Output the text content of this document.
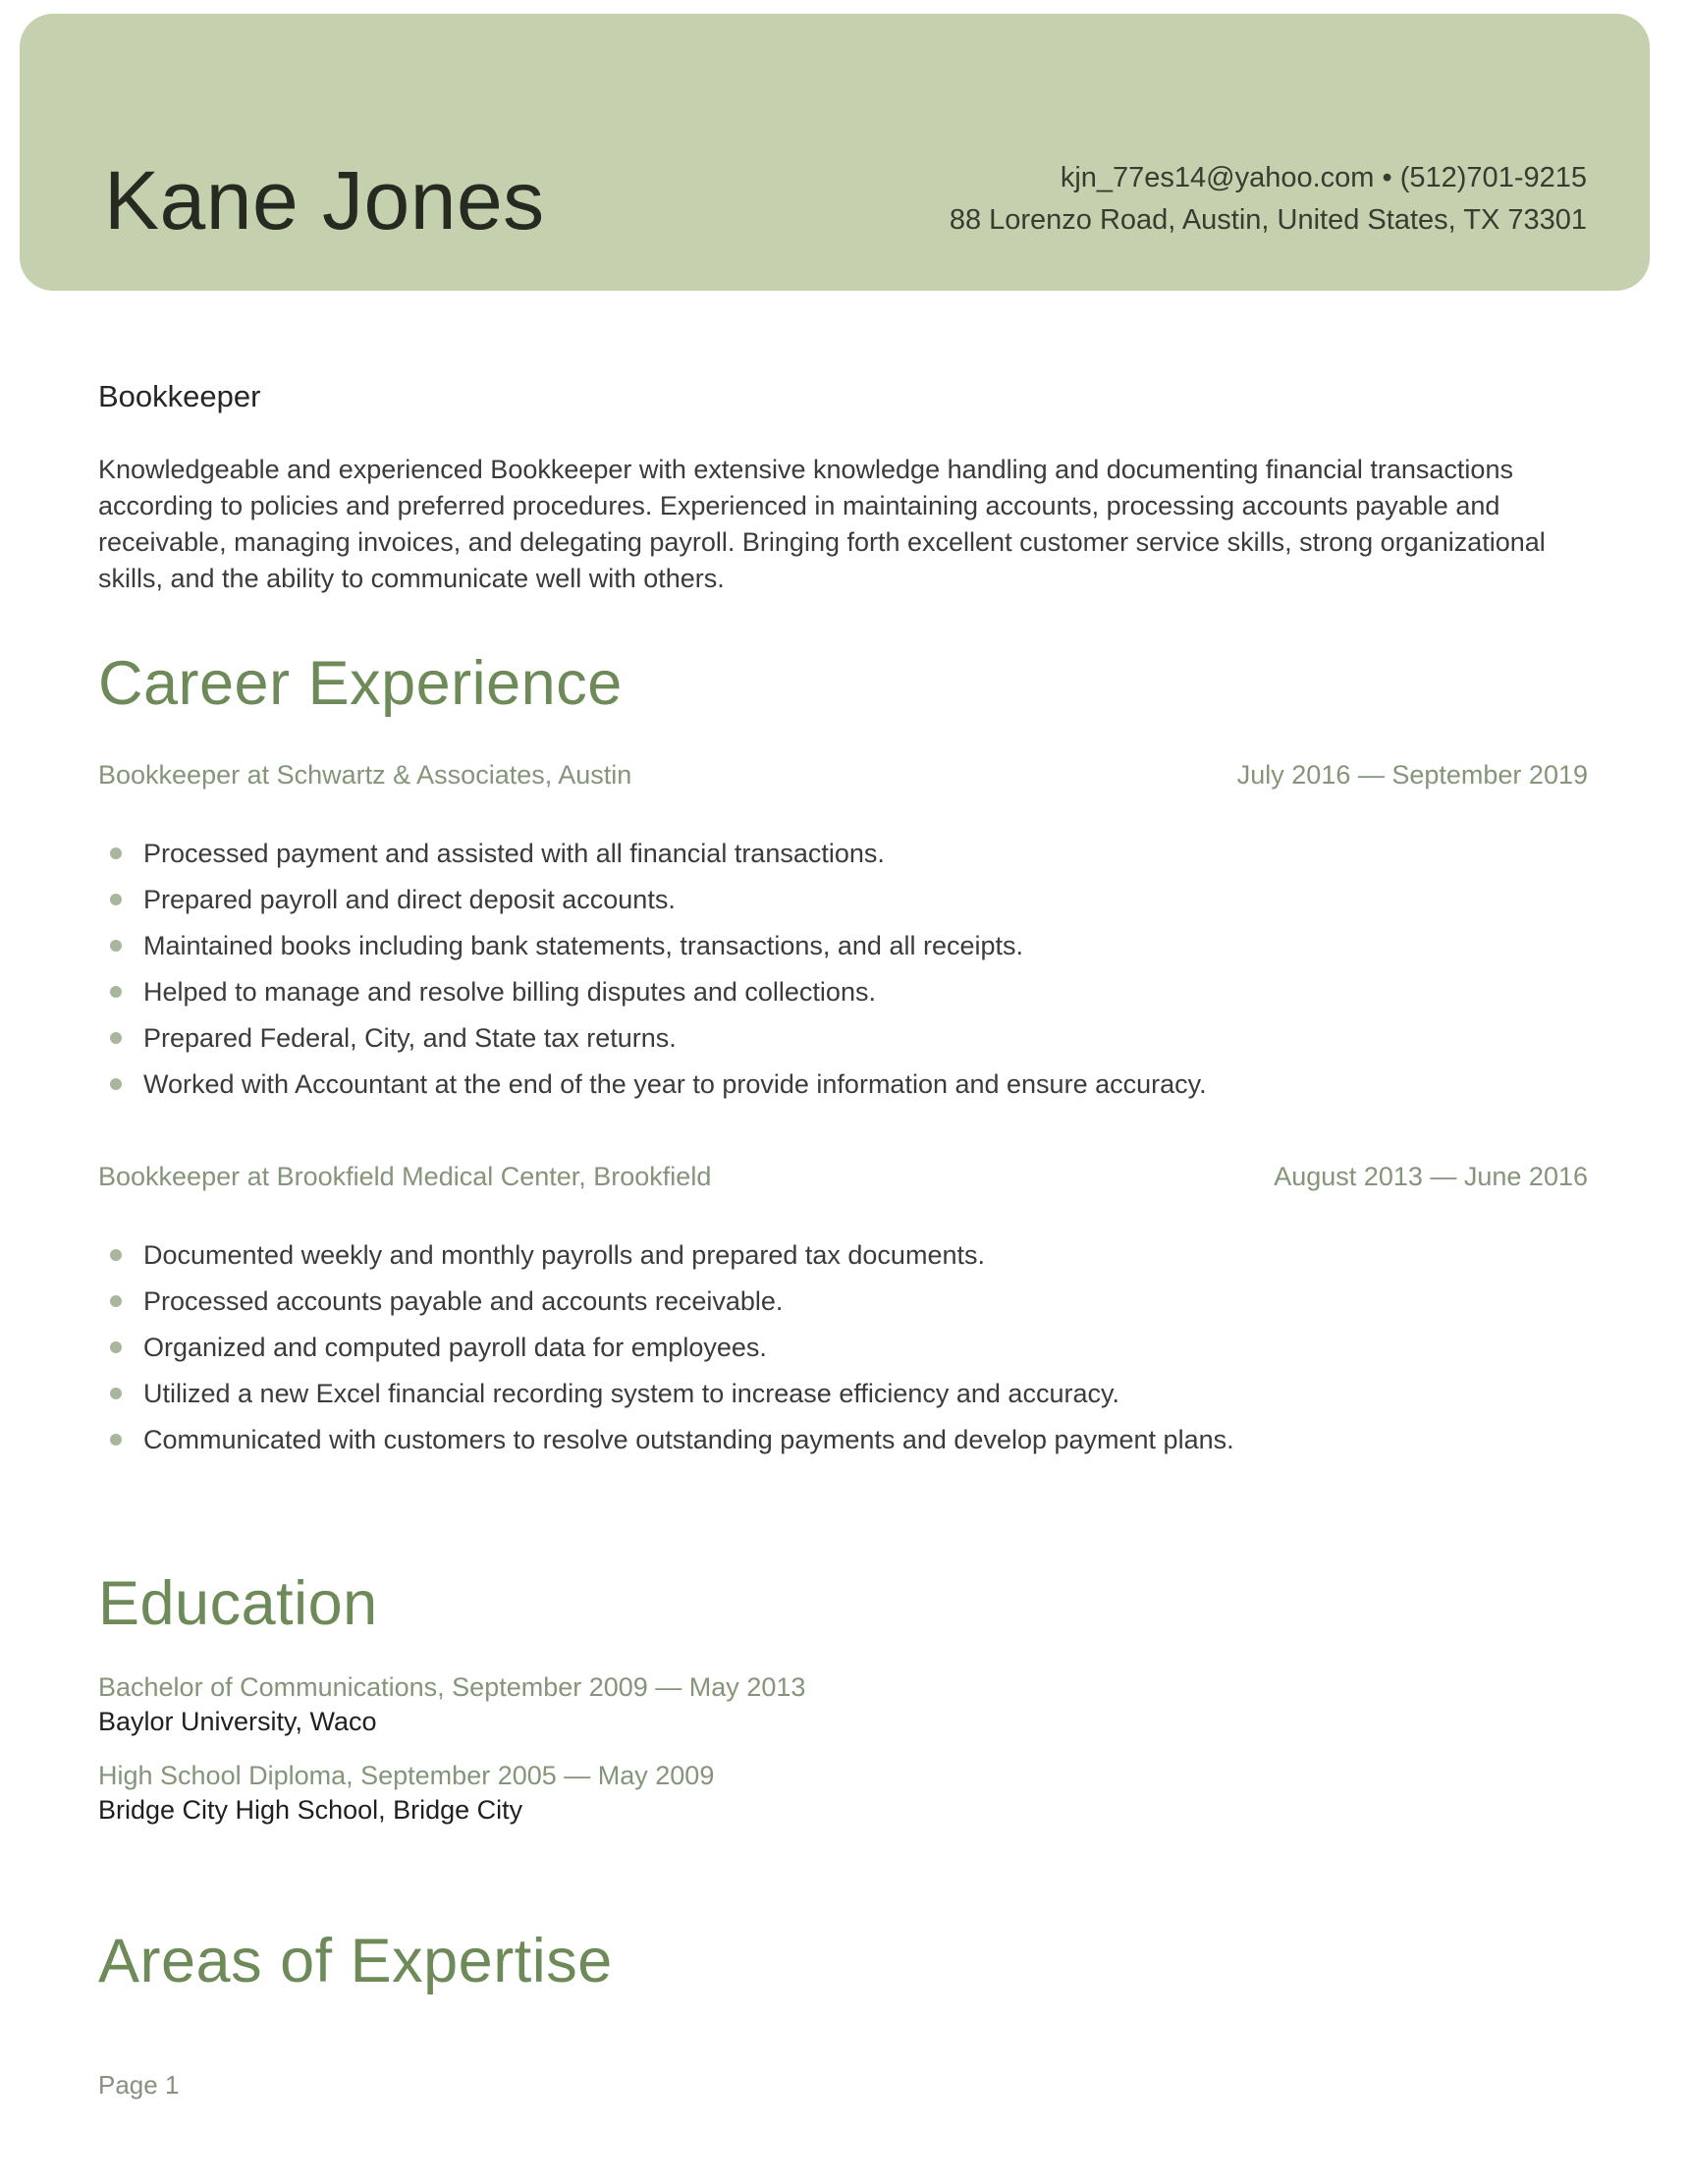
Kane Jones	kjn_77es14@yahoo.com • (512)701-9215
88 Lorenzo Road, Austin, United States, TX 73301
Bookkeeper

Knowledgeable and experienced Bookkeeper with extensive knowledge handling and documenting financial transactions according to policies and preferred procedures. Experienced in maintaining accounts, processing accounts payable and receivable, managing invoices, and delegating payroll. Bringing forth excellent customer service skills, strong organizational skills, and the ability to communicate well with others.

Career Experience
Bookkeeper at Schwartz & Associates, Austin	July 2016 — September 2019
Processed payment and assisted with all financial transactions.
Prepared payroll and direct deposit accounts.
Maintained books including bank statements, transactions, and all receipts.
Helped to manage and resolve billing disputes and collections.
Prepared Federal, City, and State tax returns.
Worked with Accountant at the end of the year to provide information and ensure accuracy.
Bookkeeper at Brookfield Medical Center, Brookfield	August 2013 — June 2016
Documented weekly and monthly payrolls and prepared tax documents.
Processed accounts payable and accounts receivable.
Organized and computed payroll data for employees.
Utilized a new Excel financial recording system to increase efficiency and accuracy.
Communicated with customers to resolve outstanding payments and develop payment plans.
Education
Bachelor of Communications, September 2009 — May 2013
Baylor University, Waco
High School Diploma, September 2005 — May 2009
Bridge City High School, Bridge City
Areas of Expertise
Page 1
